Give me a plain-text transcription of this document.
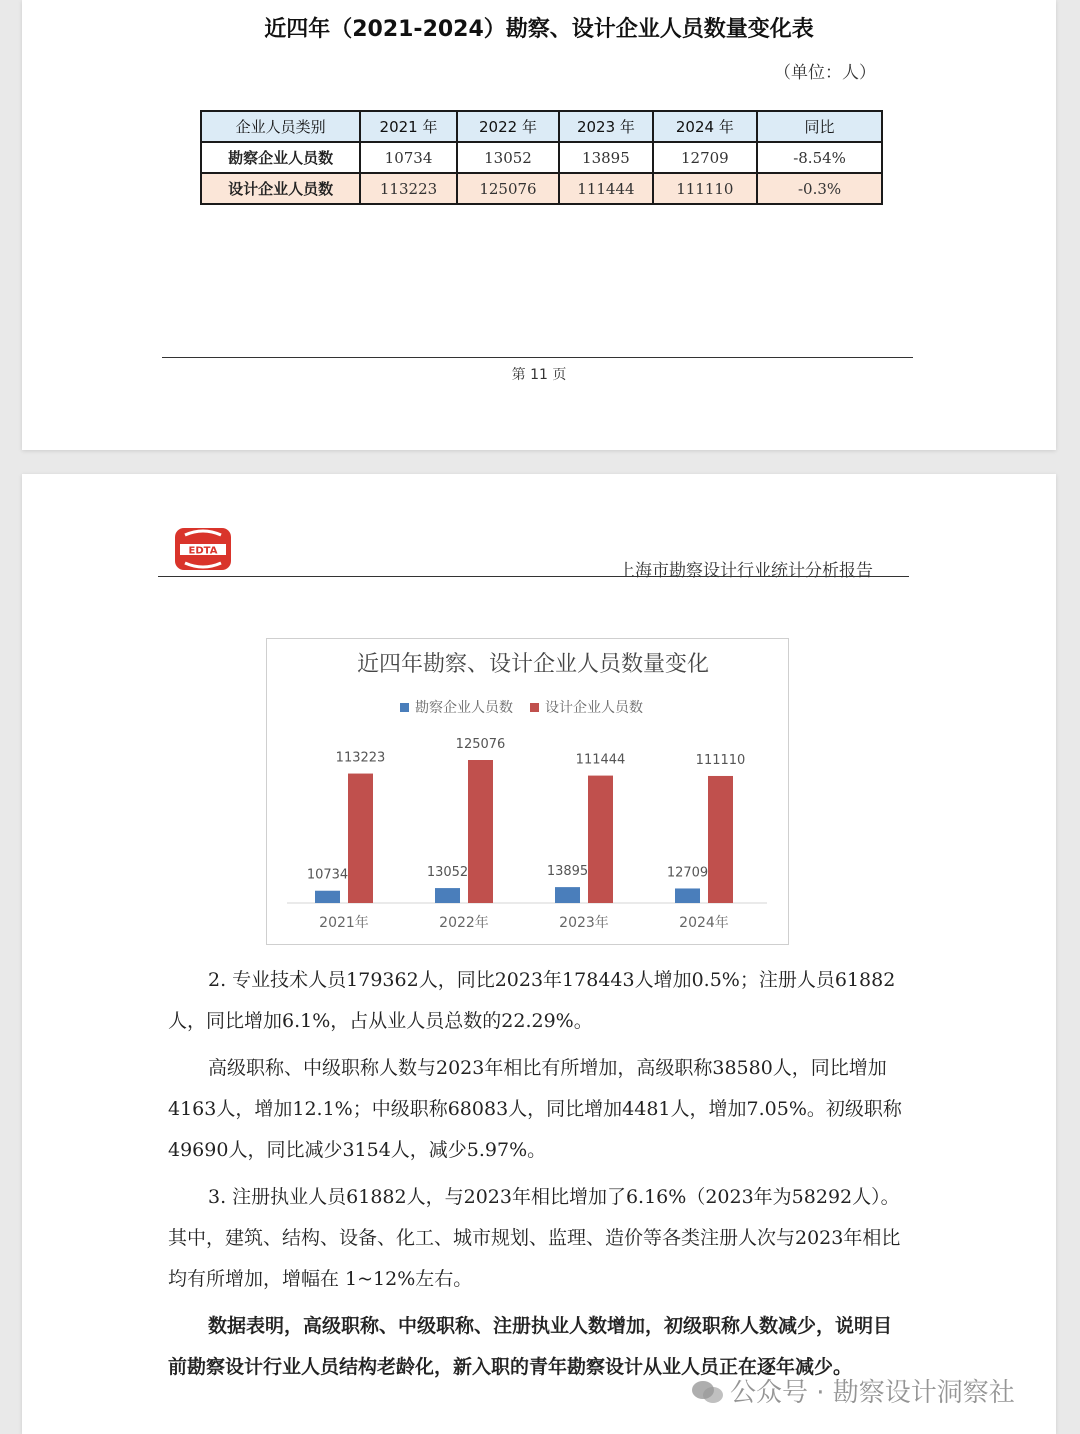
近四年（2021-2024）勘察、设计企业人员数量变化表
（单位：人）
企业人员类别	2021 年	2022 年	2023 年	2024 年	同比
勘察企业人员数	10734	13052	13895	12709	-8.54%
设计企业人员数	113223	125076	111444	111110	-0.3%
第 11 页
EDTA
上海市勘察设计行业统计分析报告
近四年勘察、设计企业人员数量变化
勘察企业人员数 设计企业人员数
10734
113223
2021年
13052
125076
2022年
13895
111444
2023年
12709
111110
2024年

2. 专业技术人员179362人，同比2023年178443人增加0.5%；注册人员61882人，同比增加6.1%，占从业人员总数的22.29%。

高级职称、中级职称人数与2023年相比有所增加，高级职称38580人，同比增加4163人，增加12.1%；中级职称68083人，同比增加4481人，增加7.05%。初级职称49690人，同比减少3154人，减少5.97%。

3. 注册执业人员61882人，与2023年相比增加了6.16%（2023年为58292人）。其中，建筑、结构、设备、化工、城市规划、监理、造价等各类注册人次与2023年相比均有所增加，增幅在 1~12%左右。

数据表明，高级职称、中级职称、注册执业人数增加，初级职称人数减少，说明目前勘察设计行业人员结构老龄化，新入职的青年勘察设计从业人员正在逐年减少。

公众号 · 勘察设计洞察社
